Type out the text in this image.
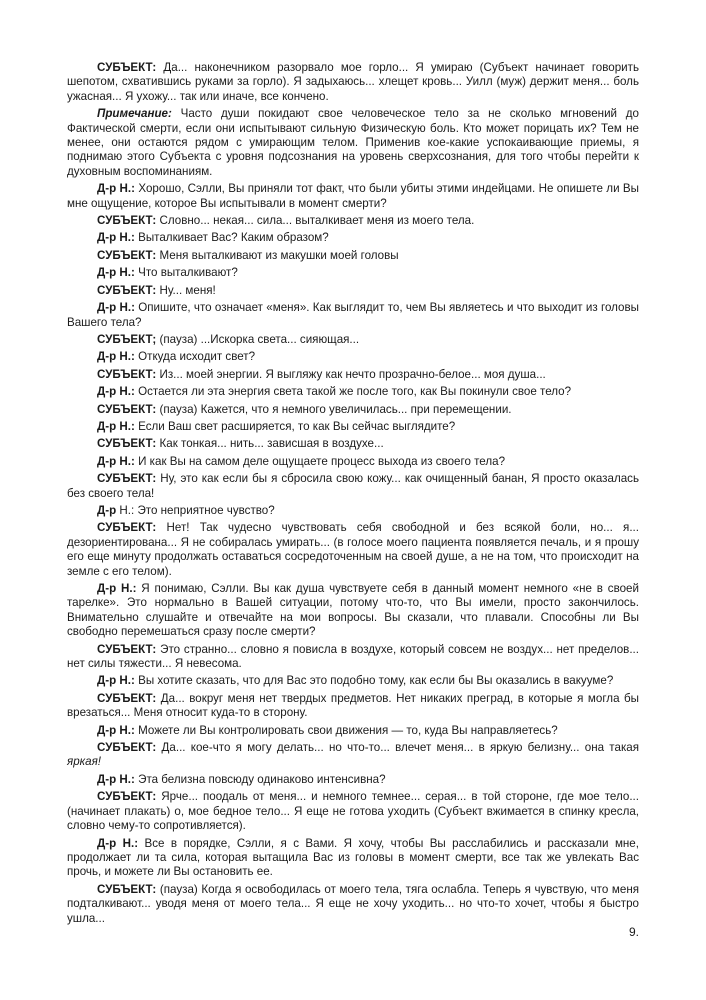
СУБЪЕКТ: Да... наконечником разорвало мое горло... Я умираю (Субъект начинает говорить шепотом, схватившись руками за горло). Я задыхаюсь... хлещет кровь... Уилл (муж) держит меня... боль ужасная... Я ухожу... так или иначе, все кончено.

Примечание: Часто души покидают свое человеческое тело за не сколько мгновений до Фактической смерти, если они испытывают сильную Физическую боль. Кто может порицать их? Тем не менее, они остаются рядом с умирающим телом. Применив кое-какие успокаивающие приемы, я поднимаю этого Субъекта с уровня подсознания на уровень сверхсознания, для того чтобы перейти к духовным воспоминаниям.

Д-р Н.: Хорошо, Сэлли, Вы приняли тот факт, что были убиты этими индейцами. Не опишете ли Вы мне ощущение, которое Вы испытывали в момент смерти?

СУБЪЕКТ: Словно... некая... сила... выталкивает меня из моего тела.

Д-р Н.: Выталкивает Вас? Каким образом?

СУБЪЕКТ: Меня выталкивают из макушки моей головы

Д-р Н.: Что выталкивают?

СУБЪЕКТ: Ну... меня!

Д-р Н.: Опишите, что означает «меня». Как выглядит то, чем Вы являетесь и что выходит из головы Вашего тела?

СУБЪЕКТ; (пауза) ...Искорка света... сияющая...

Д-р Н.: Откуда исходит свет?

СУБЪЕКТ: Из... моей энергии. Я выгляжу как нечто прозрачно-белое... моя душа...

Д-р Н.: Остается ли эта энергия света такой же после того, как Вы покинули свое тело?

СУБЪЕКТ: (пауза) Кажется, что я немного увеличилась... при перемещении.

Д-р Н.: Если Ваш свет расширяется, то как Вы сейчас выглядите?

СУБЪЕКТ: Как тонкая... нить... зависшая в воздухе...

Д-р Н.: И как Вы на самом деле ощущаете процесс выхода из своего тела?

СУБЪЕКТ: Ну, это как если бы я сбросила свою кожу... как очищенный банан, Я просто оказалась без своего тела!

Д-р Н.: Это неприятное чувство?

СУБЪЕКТ: Нет! Так чудесно чувствовать себя свободной и без всякой боли, но... я... дезориентирована... Я не собиралась умирать... (в голосе моего пациента появляется печаль, и я прошу его еще минуту продолжать оставаться сосредоточенным на своей душе, а не на том, что происходит на земле с его телом).

Д-р Н.: Я понимаю, Сэлли. Вы как душа чувствуете себя в данный момент немного «не в своей тарелке». Это нормально в Вашей ситуации, потому что-то, что Вы имели, просто закончилось. Внимательно слушайте и отвечайте на мои вопросы. Вы сказали, что плавали. Способны ли Вы свободно перемешаться сразу после смерти?

СУБЪЕКТ: Это странно... словно я повисла в воздухе, который совсем не воздух... нет пределов... нет силы тяжести... Я невесома.

Д-р Н.: Вы хотите сказать, что для Вас это подобно тому, как если бы Вы оказались в вакууме?

СУБЪЕКТ: Да... вокруг меня нет твердых предметов. Нет никаких преград, в которые я могла бы врезаться... Меня относит куда-то в сторону.

Д-р Н.: Можете ли Вы контролировать свои движения — то, куда Вы направляетесь?

СУБЪЕКТ: Да... кое-что я могу делать... но что-то... влечет меня... в яркую белизну... она такая яркая!

Д-р Н.: Эта белизна повсюду одинаково интенсивна?

СУБЪЕКТ: Ярче... поодаль от меня... и немного темнее... серая... в той стороне, где мое тело... (начинает плакать) о, мое бедное тело... Я еще не готова уходить (Субъект вжимается в спинку кресла, словно чему-то сопротивляется).

Д-р Н.: Все в порядке, Сэлли, я с Вами. Я хочу, чтобы Вы расслабились и рассказали мне, продолжает ли та сила, которая вытащила Вас из головы в момент смерти, все так же увлекать Вас прочь, и можете ли Вы остановить ее.

СУБЪЕКТ: (пауза) Когда я освободилась от моего тела, тяга ослабла. Теперь я чувствую, что меня подталкивают... уводя меня от моего тела... Я еще не хочу уходить... но что-то хочет, чтобы я быстро ушла...

9.
